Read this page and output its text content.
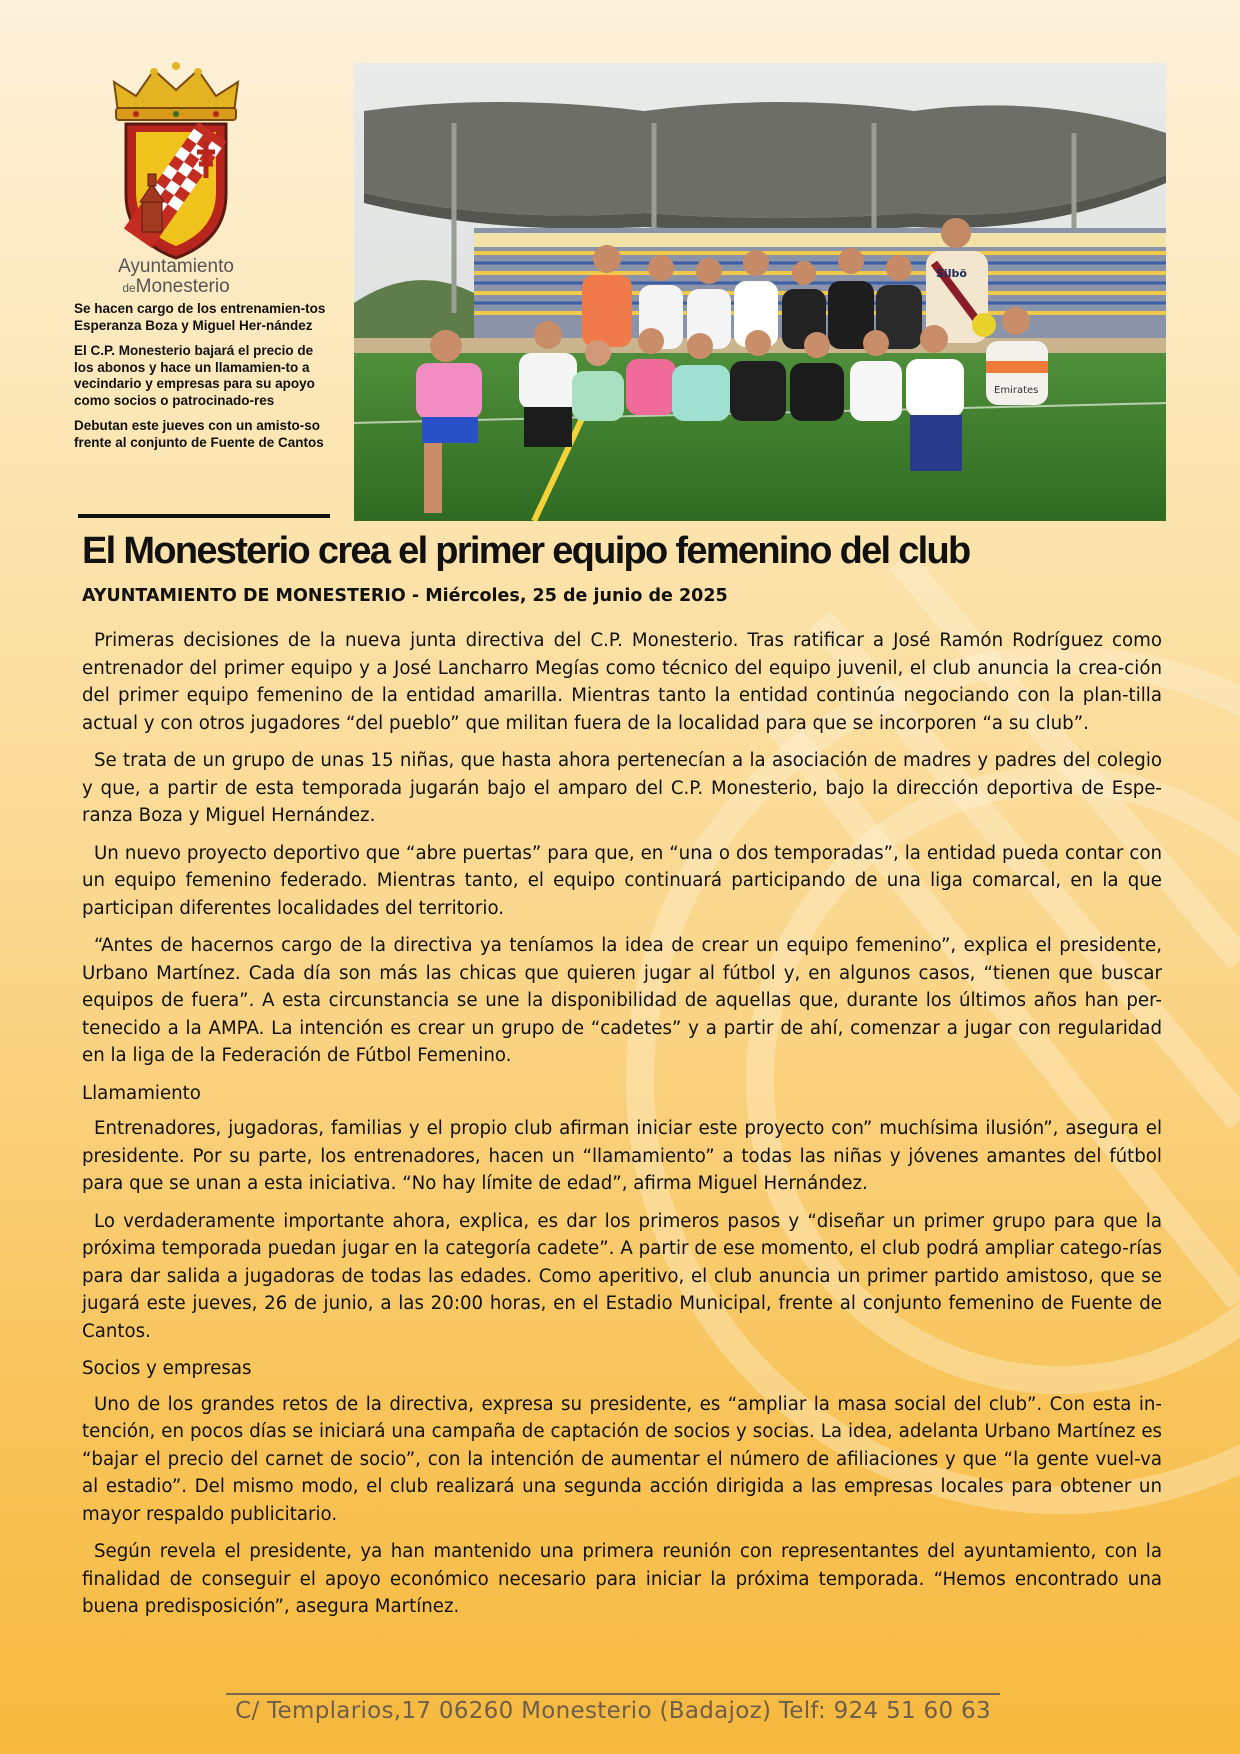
Ayuntamiento
deMonesterio

Se hacen cargo de los entrenamien-tos Esperanza Boza y Miguel Her-nández

El C.P. Monesterio bajará el precio de los abonos y hace un llamamien-to a vecindario y empresas para su apoyo como socios o patrocinado-res

Debutan este jueves con un amisto-so frente al conjunto de Fuente de Cantos

Silbö
Emirates
El Monesterio crea el primer equipo femenino del club

AYUNTAMIENTO DE MONESTERIO - Miércoles, 25 de junio de 2025

Primeras decisiones de la nueva junta directiva del C.P. Monesterio. Tras ratificar a José Ramón Rodríguez como entrenador del primer equipo y a José Lancharro Megías como técnico del equipo juvenil, el club anuncia la crea-ción del primer equipo femenino de la entidad amarilla. Mientras tanto la entidad continúa negociando con la plan-tilla actual y con otros jugadores “del pueblo” que militan fuera de la localidad para que se incorporen “a su club”.

Se trata de un grupo de unas 15 niñas, que hasta ahora pertenecían a la asociación de madres y padres del colegio y que, a partir de esta temporada jugarán bajo el amparo del C.P. Monesterio, bajo la dirección deportiva de Espe-ranza Boza y Miguel Hernández.

Un nuevo proyecto deportivo que “abre puertas” para que, en “una o dos temporadas”, la entidad pueda contar con un equipo femenino federado. Mientras tanto, el equipo continuará participando de una liga comarcal, en la que participan diferentes localidades del territorio.

“Antes de hacernos cargo de la directiva ya teníamos la idea de crear un equipo femenino”, explica el presidente, Urbano Martínez. Cada día son más las chicas que quieren jugar al fútbol y, en algunos casos, “tienen que buscar equipos de fuera”. A esta circunstancia se une la disponibilidad de aquellas que, durante los últimos años han per-tenecido a la AMPA. La intención es crear un grupo de “cadetes” y a partir de ahí, comenzar a jugar con regularidad en la liga de la Federación de Fútbol Femenino.

Llamamiento

Entrenadores, jugadoras, familias y el propio club afirman iniciar este proyecto con” muchísima ilusión”, asegura el presidente. Por su parte, los entrenadores, hacen un “llamamiento” a todas las niñas y jóvenes amantes del fútbol para que se unan a esta iniciativa. “No hay límite de edad”, afirma Miguel Hernández.

Lo verdaderamente importante ahora, explica, es dar los primeros pasos y “diseñar un primer grupo para que la próxima temporada puedan jugar en la categoría cadete”. A partir de ese momento, el club podrá ampliar catego-rías para dar salida a jugadoras de todas las edades. Como aperitivo, el club anuncia un primer partido amistoso, que se jugará este jueves, 26 de junio, a las 20:00 horas, en el Estadio Municipal, frente al conjunto femenino de Fuente de Cantos.

Socios y empresas

Uno de los grandes retos de la directiva, expresa su presidente, es “ampliar la masa social del club”. Con esta in-tención, en pocos días se iniciará una campaña de captación de socios y socias. La idea, adelanta Urbano Martínez es “bajar el precio del carnet de socio”, con la intención de aumentar el número de afiliaciones y que “la gente vuel-va al estadio”. Del mismo modo, el club realizará una segunda acción dirigida a las empresas locales para obtener un mayor respaldo publicitario.

Según revela el presidente, ya han mantenido una primera reunión con representantes del ayuntamiento, con la finalidad de conseguir el apoyo económico necesario para iniciar la próxima temporada. “Hemos encontrado una buena predisposición”, asegura Martínez.

C/ Templarios,17 06260 Monesterio (Badajoz) Telf: 924 51 60 63
